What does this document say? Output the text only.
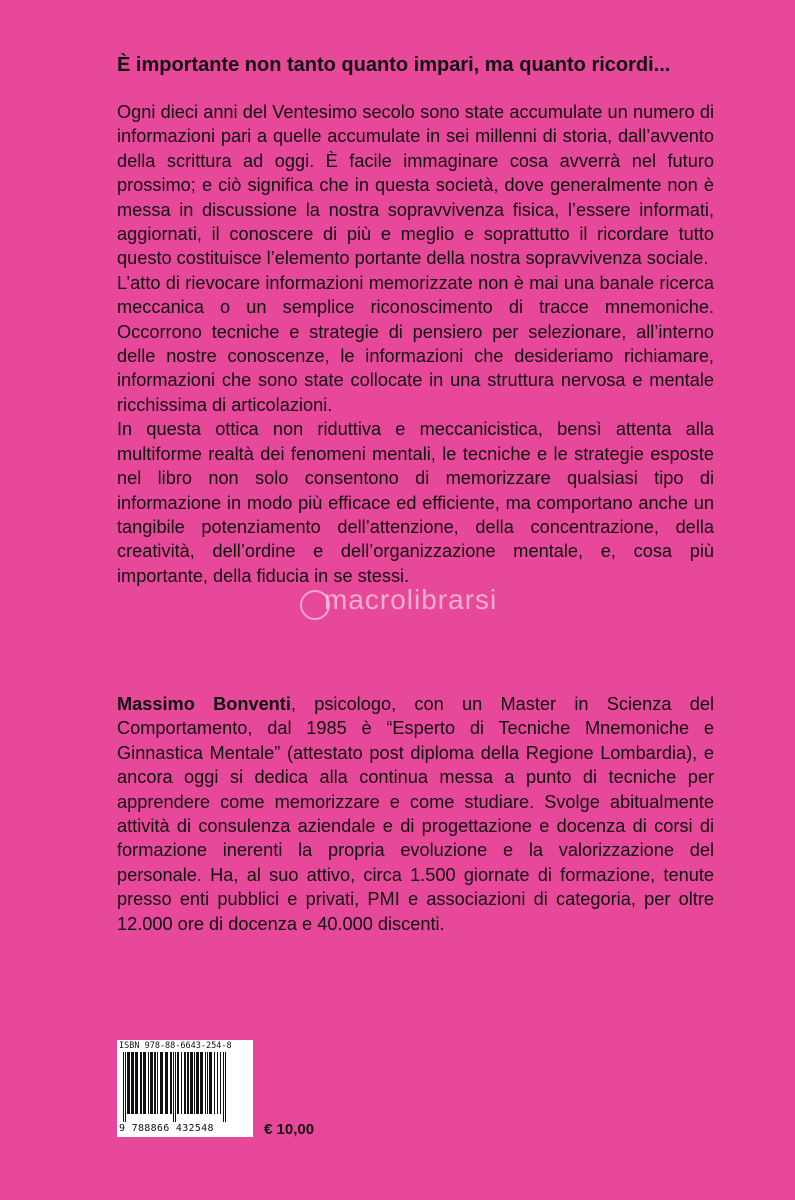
È importante non tanto quanto impari, ma quanto ricordi...

Ogni dieci anni del Ventesimo secolo sono state accumulate un numero di informazioni pari a quelle accumulate in sei millenni di storia, dall’avvento della scrittura ad oggi. È facile immaginare cosa avverrà nel futuro prossimo; e ciò significa che in questa società, dove generalmente non è messa in discussione la nostra sopravvivenza fisica, l’essere informati, aggiornati, il conoscere di più e meglio e soprattutto il ricordare tutto questo costituisce l’elemento portante della nostra sopravvivenza sociale.

L’atto di rievocare informazioni memorizzate non è mai una banale ricerca meccanica o un semplice riconoscimento di tracce mnemoniche. Occorrono tecniche e strategie di pensiero per selezionare, all’interno delle nostre conoscenze, le informazioni che desideriamo richiamare, informazioni che sono state collocate in una struttura nervosa e mentale ricchissima di articolazioni.

In questa ottica non riduttiva e meccanicistica, bensì attenta alla multiforme realtà dei fenomeni mentali, le tecniche e le strategie esposte nel libro non solo consentono di memorizzare qualsiasi tipo di informazione in modo più efficace ed efficiente, ma comportano anche un tangibile potenziamento dell’attenzione, della concentrazione, della creatività, dell’ordine e dell’organizzazione mentale, e, cosa più importante, della fiducia in se stessi.

macrolibrarsi

Massimo Bonventi, psicologo, con un Master in Scienza del Comportamento, dal 1985 è “Esperto di Tecniche Mnemoniche e Ginnastica Mentale” (attestato post diploma della Regione Lombardia), e ancora oggi si dedica alla continua messa a punto di tecniche per apprendere come memorizzare e come studiare. Svolge abitualmente attività di consulenza aziendale e di progettazione e docenza di corsi di formazione inerenti la propria evoluzione e la valorizzazione del personale. Ha, al suo attivo, circa 1.500 giornate di formazione, tenute presso enti pubblici e privati, PMI e associazioni di categoria, per oltre 12.000 ore di docenza e 40.000 discenti.

ISBN 978-88-6643-254-8
9 788866 432548	€ 10,00
